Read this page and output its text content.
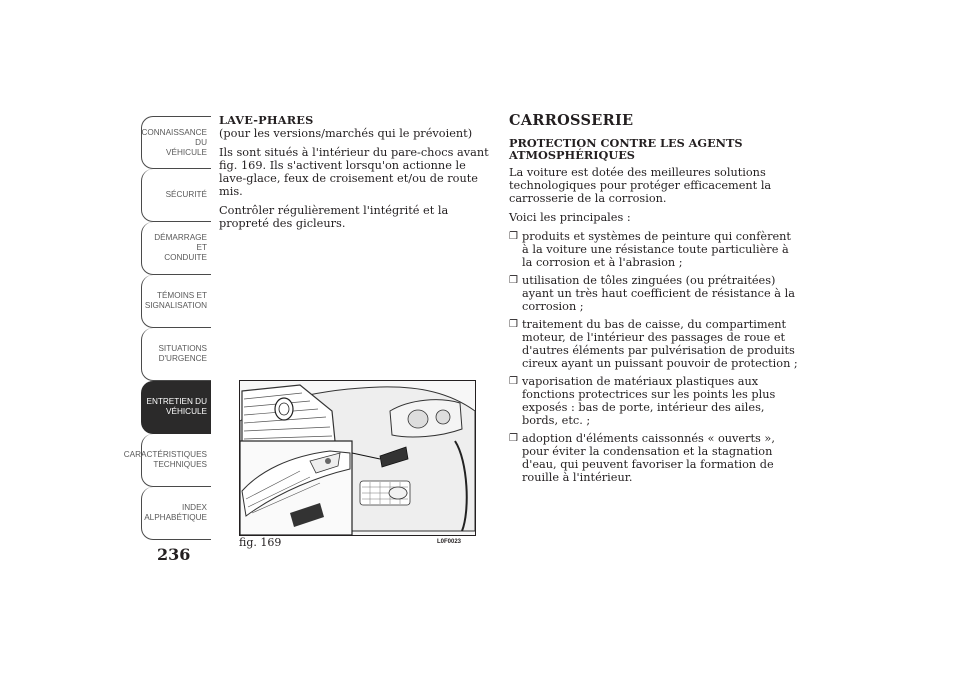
CONNAISSANCE DU
VÉHICULE
SÉCURITÉ
DÉMARRAGE ET
CONDUITE
TÉMOINS ET
SIGNALISATION
SITUATIONS
D'URGENCE
ENTRETIEN DU
VÉHICULE
CARACTÉRISTIQUES
TECHNIQUES
INDEX
ALPHABÉTIQUE
236
LAVE-PHARES

(pour les versions/marchés qui le prévoient)

Ils sont situés à l'intérieur du pare-chocs avant fig. 169. Ils s'activent lorsqu'on actionne le lave-glace, feux de croisement et/ou de route mis.

Contrôler régulièrement l'intégrité et la propreté des gicleurs.

fig. 169	L0F0023
CARROSSERIE
PROTECTION CONTRE LES AGENTS ATMOSPHÉRIQUES

La voiture est dotée des meilleures solutions technologiques pour protéger efficacement la carrosserie de la corrosion.

Voici les principales :

❒ produits et systèmes de peinture qui confèrent à la voiture une résistance toute particulière à la corrosion et à l'abrasion ;
❒ utilisation de tôles zinguées (ou prétraitées) ayant un très haut coefficient de résistance à la corrosion ;
❒ traitement du bas de caisse, du compartiment moteur, de l'intérieur des passages de roue et d'autres éléments par pulvérisation de produits cireux ayant un puissant pouvoir de protection ;
❒ vaporisation de matériaux plastiques aux fonctions protectrices sur les points les plus exposés : bas de porte, intérieur des ailes, bords, etc. ;
❒ adoption d'éléments caissonnés « ouverts », pour éviter la condensation et la stagnation d'eau, qui peuvent favoriser la formation de rouille à l'intérieur.
